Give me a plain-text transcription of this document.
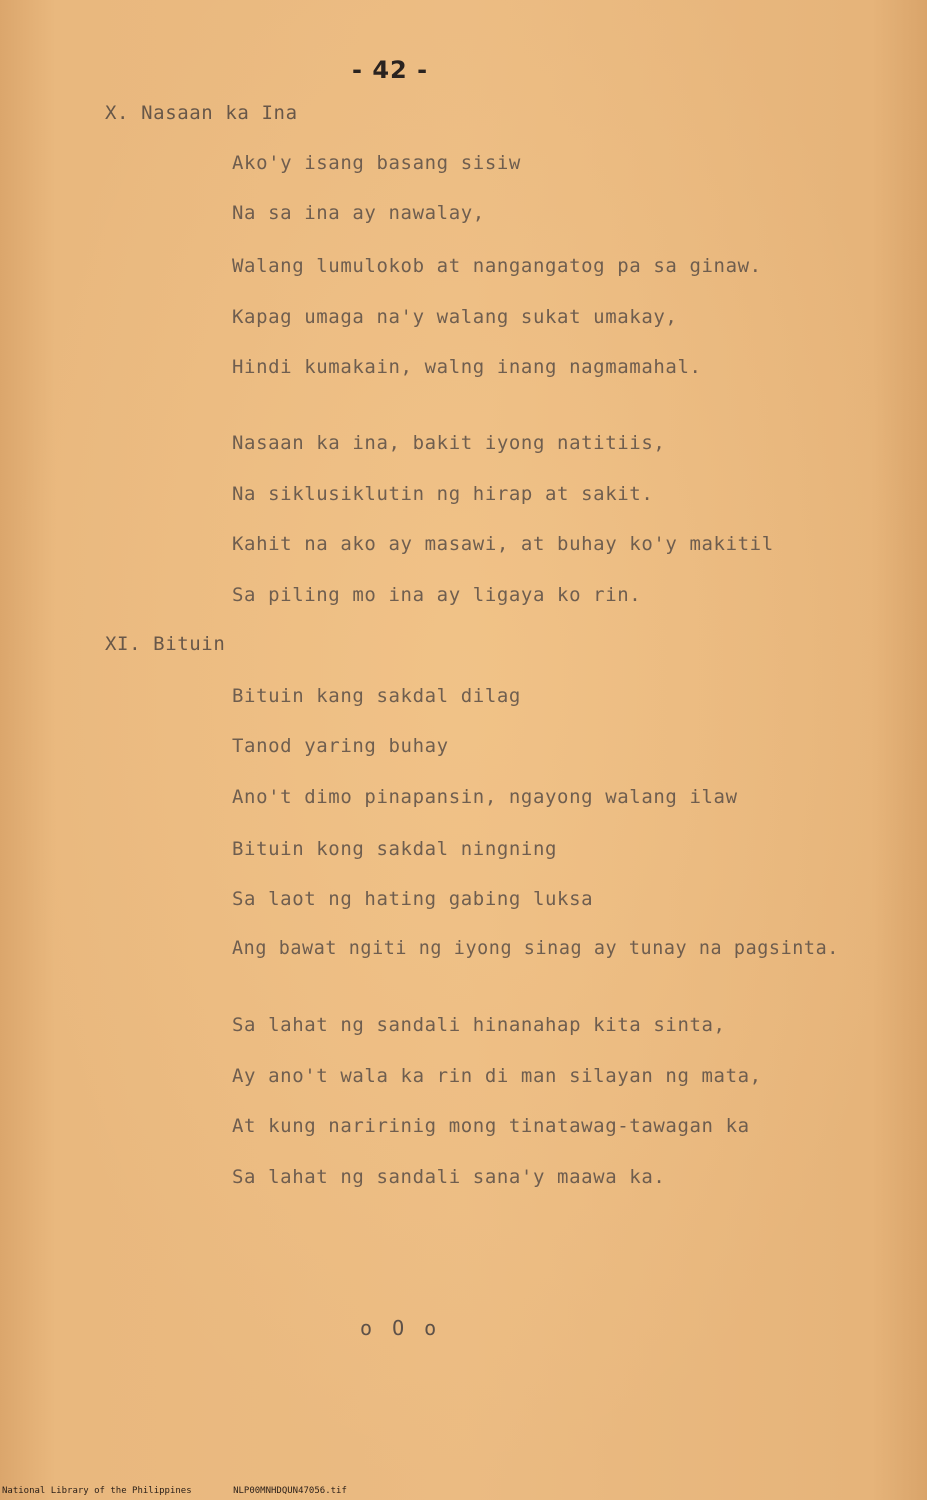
- 42 -
X. Nasaan ka Ina
Ako'y isang basang sisiw
Na sa ina ay nawalay,
Walang lumulokob at nangangatog pa sa ginaw.
Kapag umaga na'y walang sukat umakay,
Hindi kumakain, walng inang nagmamahal.
Nasaan ka ina, bakit iyong natitiis,
Na siklusiklutin ng hirap at sakit.
Kahit na ako ay masawi, at buhay ko'y makitil
Sa piling mo ina ay ligaya ko rin.
XI. Bituin
Bituin kang sakdal dilag
Tanod yaring buhay
Ano't dimo pinapansin, ngayong walang ilaw
Bituin kong sakdal ningning
Sa laot ng hating gabing luksa
Ang bawat ngiti ng iyong sinag ay tunay na pagsinta.
Sa lahat ng sandali hinanahap kita sinta,
Ay ano't wala ka rin di man silayan ng mata,
At kung naririnig mong tinatawag-tawagan ka
Sa lahat ng sandali sana'y maawa ka.
o O o
National Library of the Philippines	NLP00MNHDQUN47056.tif
